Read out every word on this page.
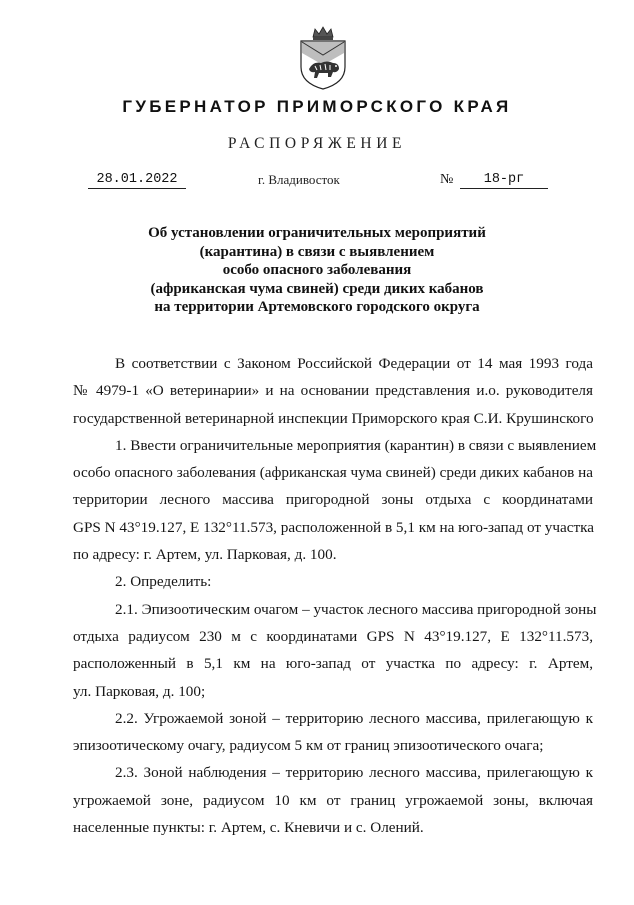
ГУБЕРНАТОР ПРИМОРСКОГО КРАЯ
РАСПОРЯЖЕНИЕ
28.01.2022	г. Владивосток	№	18-рг
Об установлении ограничительных мероприятий
(карантина) в связи с выявлением
особо опасного заболевания
(африканская чума свиней) среди диких кабанов
на территории Артемовского городского округа
В соответствии с Законом Российской Федерации от 14 мая 1993 года
№ 4979-1 «О ветеринарии» и на основании представления и.о. руководителя
государственной ветеринарной инспекции Приморского края С.И. Крушинского
1. Ввести ограничительные мероприятия (карантин) в связи с выявлением
особо опасного заболевания (африканская чума свиней) среди диких кабанов на
территории лесного массива пригородной зоны отдыха с координатами
GPS N 43°19.127, E 132°11.573, расположенной в 5,1 км на юго-запад от участка
по адресу: г. Артем, ул. Парковая, д. 100.
2. Определить:
2.1. Эпизоотическим очагом – участок лесного массива пригородной зоны
отдыха радиусом 230 м с координатами GPS N 43°19.127, E 132°11.573,
расположенный в 5,1 км на юго-запад от участка по адресу: г. Артем,
ул. Парковая, д. 100;
2.2. Угрожаемой зоной – территорию лесного массива, прилегающую к
эпизоотическому очагу, радиусом 5 км от границ эпизоотического очага;
2.3. Зоной наблюдения – территорию лесного массива, прилегающую к
угрожаемой зоне, радиусом 10 км от границ угрожаемой зоны, включая
населенные пункты: г. Артем, с. Кневичи и с. Олений.
